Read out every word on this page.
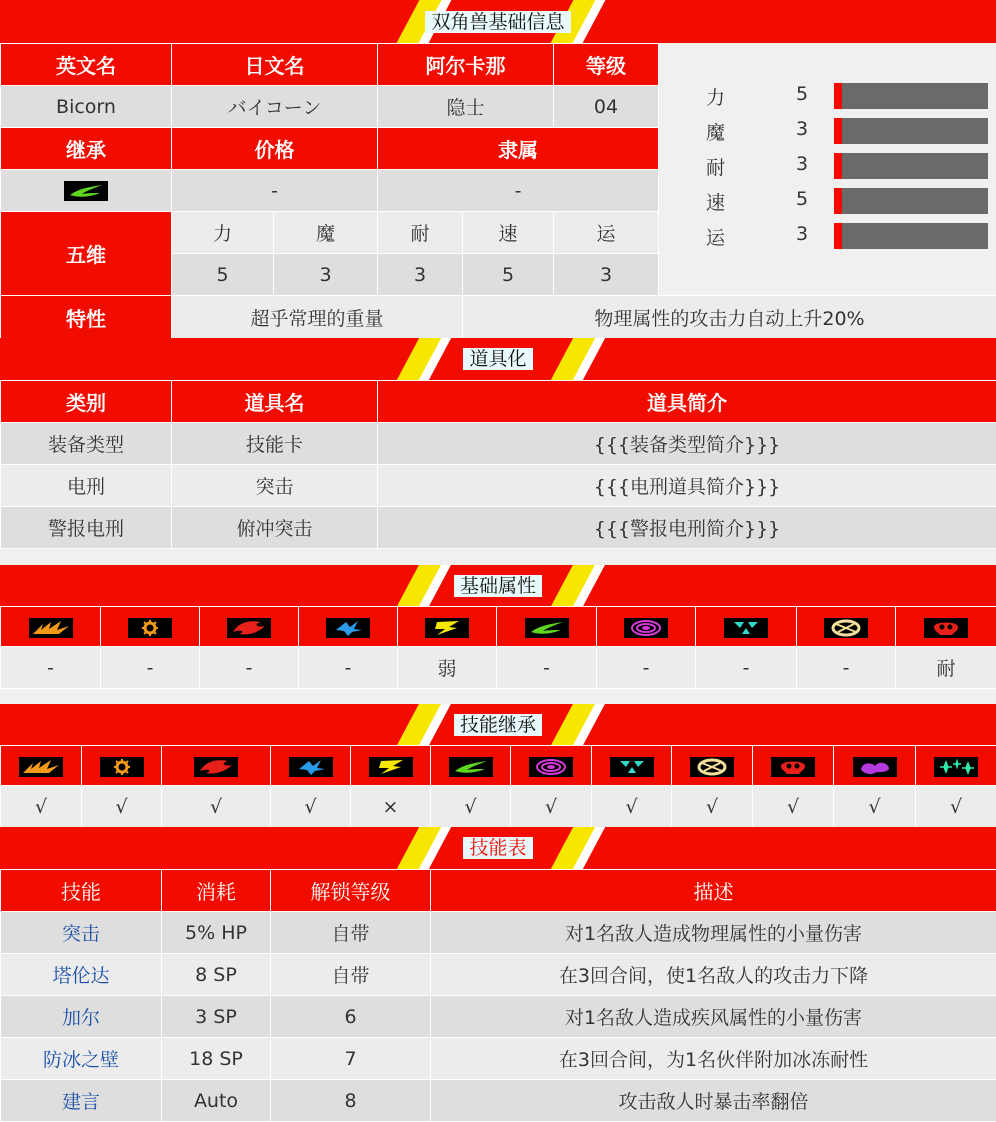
双角兽基础信息
英文名	日文名		阿尔卡那		等级
Bicorn	バイコーン		隐士		04
继承	价格		隶属		

	-		-		
五维	力	魔	耐	速	运
	5	3	3	5	3
力	5
魔	3
耐	3
速	5
运	3
特性	超乎常理的重量	物理属性的攻击力自动上升20%
道具化
类别	道具名	道具简介
装备类型	技能卡	{{{装备类型简介}}}
电刑	突击	{{{电刑道具简介}}}
警报电刑	俯冲突击	{{{警报电刑简介}}}
基础属性

-	-	-	-	弱	-	-	-	-	耐
技能继承

√	√	√	√	×	√	√	√	√	√	√	√
技能表
技能	消耗	解锁等级	描述
突击	5% HP	自带	对1名敌人造成物理属性的小量伤害
塔伦达	8 SP	自带	在3回合间，使1名敌人的攻击力下降
加尔	3 SP	6	对1名敌人造成疾风属性的小量伤害
防冰之壁	18 SP	7	在3回合间，为1名伙伴附加冰冻耐性
建言	Auto	8	攻击敌人时暴击率翻倍
